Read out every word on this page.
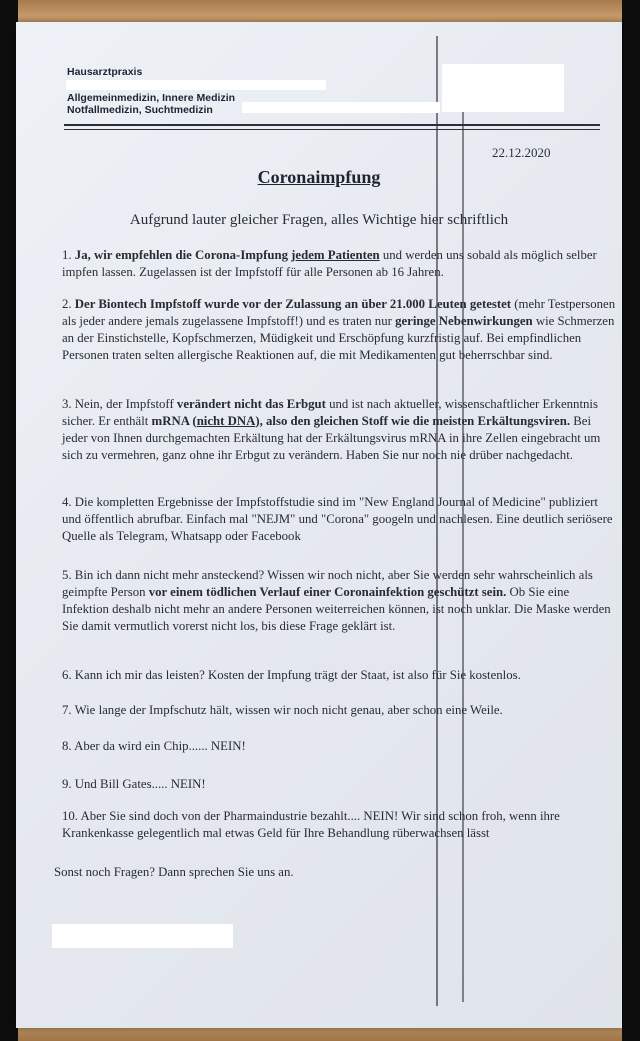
Hausarztpraxis
Allgemeinmedizin, Innere Medizin
Notfallmedizin, Suchtmedizin
22.12.2020
Coronaimpfung
Aufgrund lauter gleicher Fragen, alles Wichtige hier schriftlich
1. Ja, wir empfehlen die Corona-Impfung jedem Patienten und werden uns sobald als möglich selber impfen lassen. Zugelassen ist der Impfstoff für alle Personen ab 16 Jahren.
2. Der Biontech Impfstoff wurde vor der Zulassung an über 21.000 Leuten getestet (mehr Testpersonen als jeder andere jemals zugelassene Impfstoff!) und es traten nur geringe Nebenwirkungen wie Schmerzen an der Einstichstelle, Kopfschmerzen, Müdigkeit und Erschöpfung kurzfristig auf. Bei empfindlichen Personen traten selten allergische Reaktionen auf, die mit Medikamenten gut beherrschbar sind.
3. Nein, der Impfstoff verändert nicht das Erbgut und ist nach aktueller, wissenschaftlicher Erkenntnis sicher. Er enthält mRNA (nicht DNA), also den gleichen Stoff wie die meisten Erkältungsviren. Bei jeder von Ihnen durchgemachten Erkältung hat der Erkältungsvirus mRNA in ihre Zellen eingebracht um sich zu vermehren, ganz ohne ihr Erbgut zu verändern. Haben Sie nur noch nie drüber nachgedacht.
4. Die kompletten Ergebnisse der Impfstoffstudie sind im "New England Journal of Medicine" publiziert und öffentlich abrufbar. Einfach mal "NEJM" und "Corona" googeln und nachlesen. Eine deutlich seriösere Quelle als Telegram, Whatsapp oder Facebook
5. Bin ich dann nicht mehr ansteckend? Wissen wir noch nicht, aber Sie werden sehr wahrscheinlich als geimpfte Person vor einem tödlichen Verlauf einer Coronainfektion geschützt sein. Ob Sie eine Infektion deshalb nicht mehr an andere Personen weiterreichen können, ist noch unklar. Die Maske werden Sie damit vermutlich vorerst nicht los, bis diese Frage geklärt ist.
6. Kann ich mir das leisten? Kosten der Impfung trägt der Staat, ist also für Sie kostenlos.
7. Wie lange der Impfschutz hält, wissen wir noch nicht genau, aber schon eine Weile.
8. Aber da wird ein Chip...... NEIN!
9. Und Bill Gates..... NEIN!
10. Aber Sie sind doch von der Pharmaindustrie bezahlt.... NEIN! Wir sind schon froh, wenn ihre Krankenkasse gelegentlich mal etwas Geld für Ihre Behandlung rüberwachsen lässt
Sonst noch Fragen? Dann sprechen Sie uns an.
